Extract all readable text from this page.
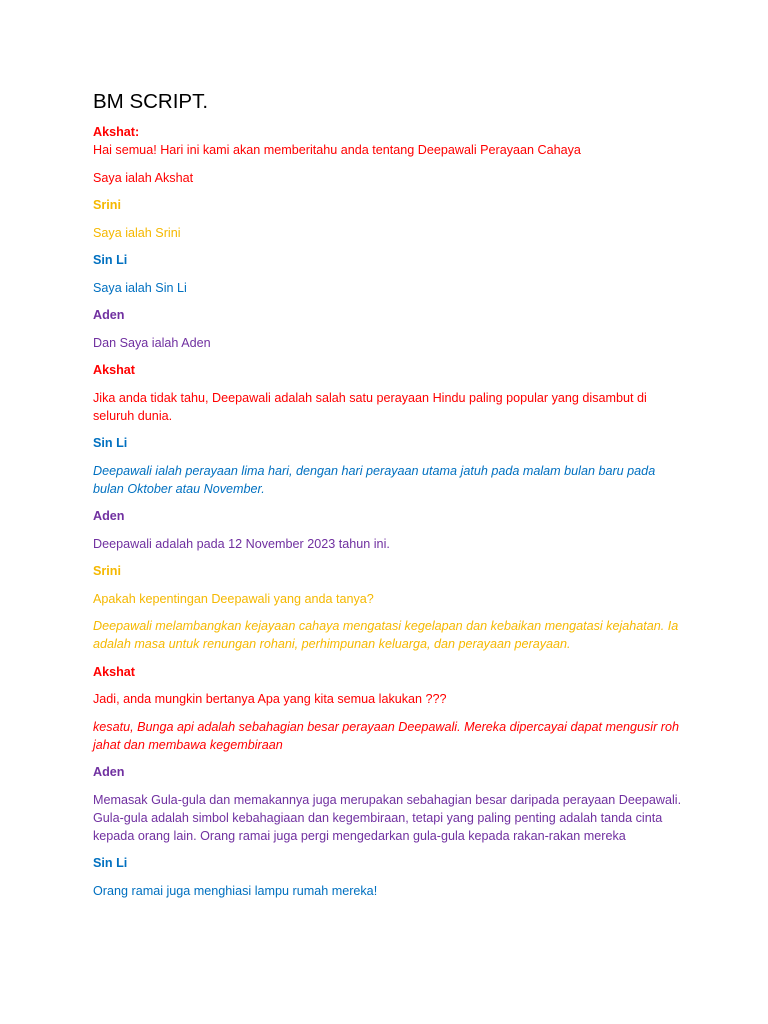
BM SCRIPT.

Akshat:

Hai semua! Hari ini kami akan memberitahu anda tentang Deepawali Perayaan Cahaya

Saya ialah Akshat

Srini

Saya ialah Srini

Sin Li

Saya ialah Sin Li

Aden

Dan Saya ialah Aden

Akshat

Jika anda tidak tahu, Deepawali adalah salah satu perayaan Hindu paling popular yang disambut di seluruh dunia.

Sin Li

Deepawali ialah perayaan lima hari, dengan hari perayaan utama jatuh pada malam bulan baru pada bulan Oktober atau November.

Aden

Deepawali adalah pada 12 November 2023 tahun ini.

Srini

Apakah kepentingan Deepawali yang anda tanya?

Deepawali melambangkan kejayaan cahaya mengatasi kegelapan dan kebaikan mengatasi kejahatan. Ia adalah masa untuk renungan rohani, perhimpunan keluarga, dan perayaan perayaan.

Akshat

Jadi, anda mungkin bertanya Apa yang kita semua lakukan ???

kesatu, Bunga api adalah sebahagian besar perayaan Deepawali. Mereka dipercayai dapat mengusir roh jahat dan membawa kegembiraan

Aden

Memasak Gula-gula dan memakannya juga merupakan sebahagian besar daripada perayaan Deepawali. Gula-gula adalah simbol kebahagiaan dan kegembiraan, tetapi yang paling penting adalah tanda cinta kepada orang lain. Orang ramai juga pergi mengedarkan gula-gula kepada rakan-rakan mereka

Sin Li

Orang ramai juga menghiasi lampu rumah mereka!
